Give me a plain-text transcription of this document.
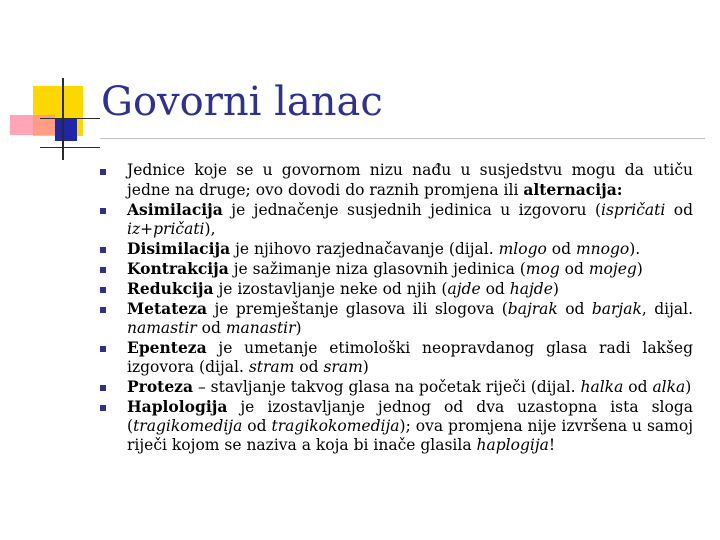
Govorni lanac
Jednice koje se u govornom nizu nađu u susjedstvu mogu da utiču jedne na druge; ovo dovodi do raznih promjena ili alternacija:
Asimilacija je jednačenje susjednih jedinica u izgovoru (ispričati od iz+pričati),
Disimilacija je njihovo razjednačavanje (dijal. mlogo od mnogo).
Kontrakcija je sažimanje niza glasovnih jedinica (mog od mojeg)
Redukcija je izostavljanje neke od njih (ajde od hajde)
Metateza je premještanje glasova ili slogova (bajrak od barjak, dijal. namastir od manastir)
Epenteza je umetanje etimološki neopravdanog glasa radi lakšeg izgovora (dijal. stram od sram)
Proteza – stavljanje takvog glasa na početak riječi (dijal. halka od alka)
Haplologija je izostavljanje jednog od dva uzastopna ista sloga (tragikomedija od tragikokomedija); ova promjena nije izvršena u samoj riječi kojom se naziva a koja bi inače glasila haplogija!
